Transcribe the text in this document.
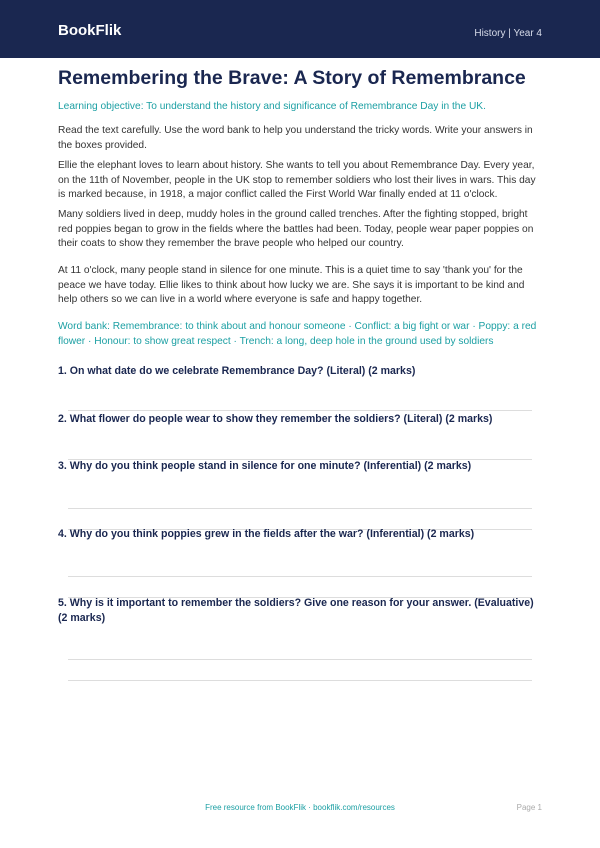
BookFlik	History | Year 4
Remembering the Brave: A Story of Remembrance
Learning objective: To understand the history and significance of Remembrance Day in the UK.

Read the text carefully. Use the word bank to help you understand the tricky words. Write your answers in the boxes provided.

Ellie the elephant loves to learn about history. She wants to tell you about Remembrance Day. Every year, on the 11th of November, people in the UK stop to remember soldiers who lost their lives in wars. This day is marked because, in 1918, a major conflict called the First World War finally ended at 11 o'clock.

Many soldiers lived in deep, muddy holes in the ground called trenches. After the fighting stopped, bright red poppies began to grow in the fields where the battles had been. Today, people wear paper poppies on their coats to show they remember the brave people who helped our country.

At 11 o'clock, many people stand in silence for one minute. This is a quiet time to say 'thank you' for the peace we have today. Ellie likes to think about how lucky we are. She says it is important to be kind and help others so we can live in a world where everyone is safe and happy together.

Word bank: Remembrance: to think about and honour someone · Conflict: a big fight or war · Poppy: a red flower · Honour: to show great respect · Trench: a long, deep hole in the ground used by soldiers
1. On what date do we celebrate Remembrance Day? (Literal) (2 marks)
2. What flower do people wear to show they remember the soldiers? (Literal) (2 marks)
3. Why do you think people stand in silence for one minute? (Inferential) (2 marks)
4. Why do you think poppies grew in the fields after the war? (Inferential) (2 marks)
5. Why is it important to remember the soldiers? Give one reason for your answer. (Evaluative) (2 marks)
Free resource from BookFlik · bookflik.com/resources	Page 1
